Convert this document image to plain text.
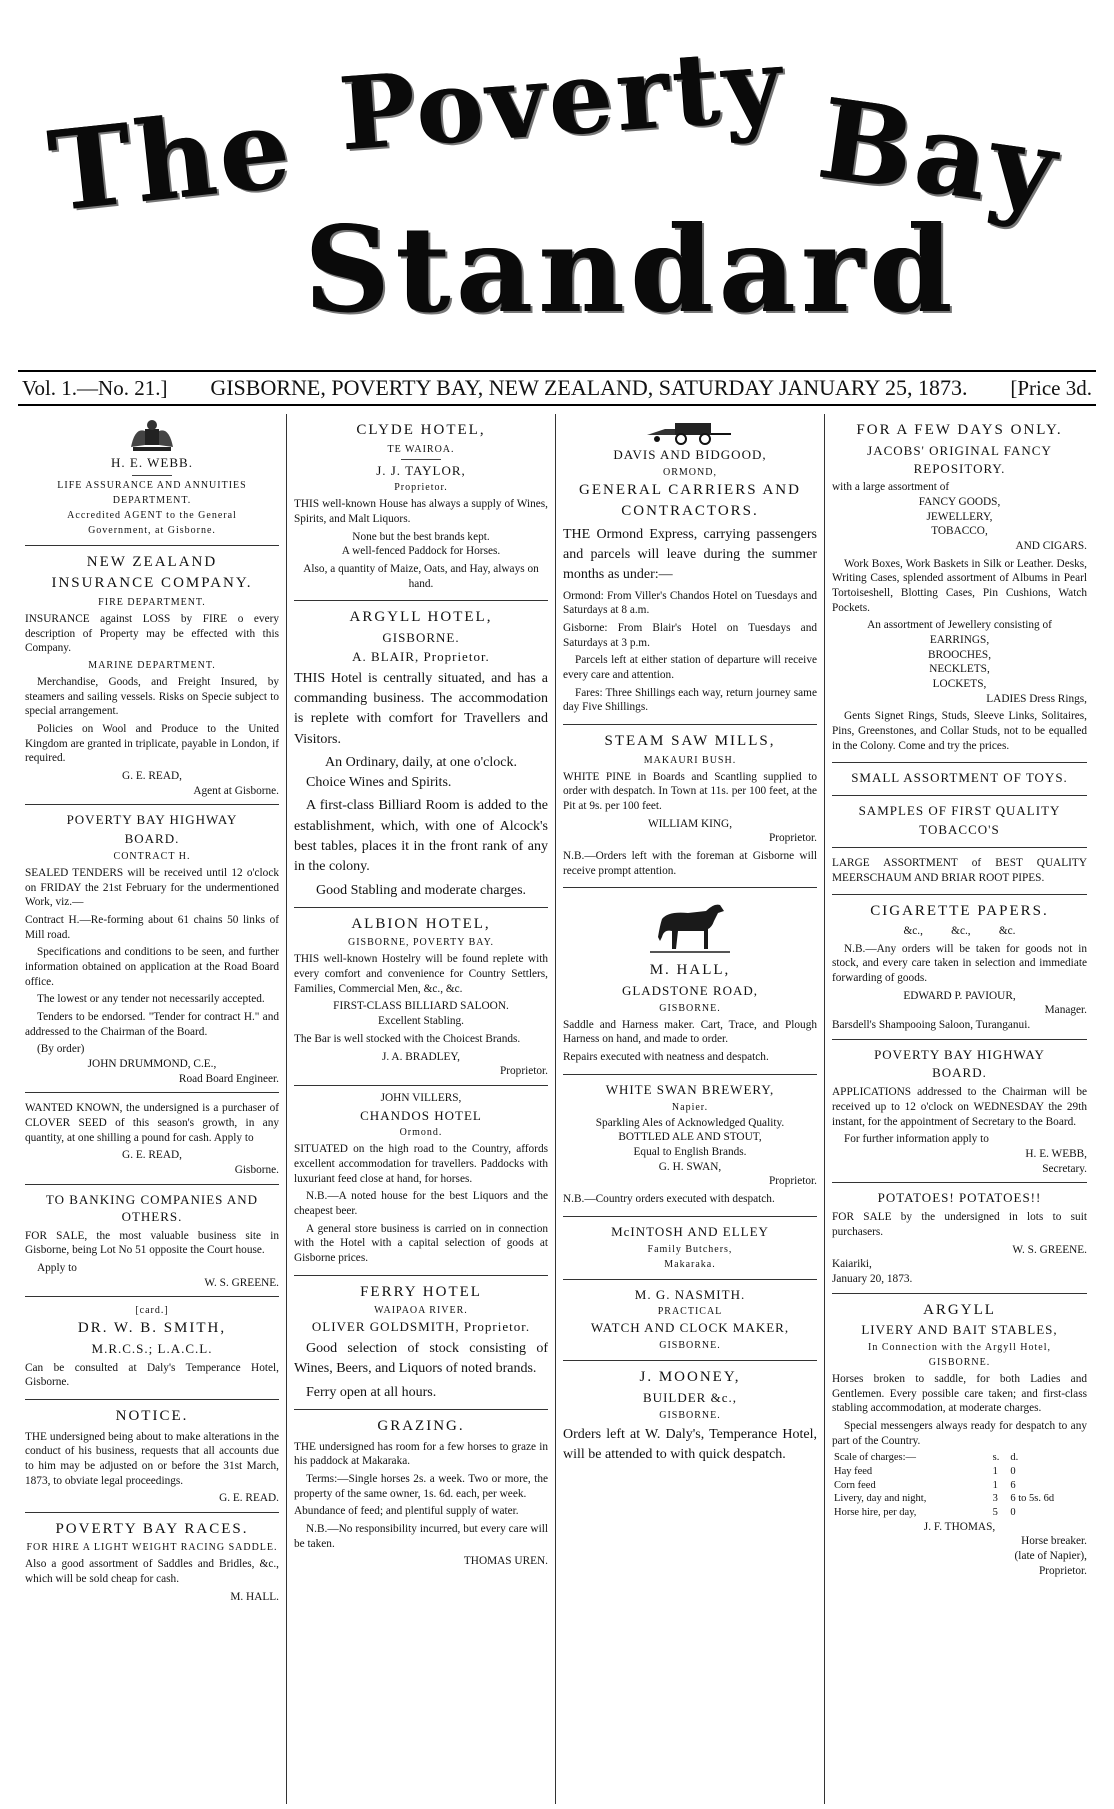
The Poverty Bay
Standard
Vol. 1.—No. 21.] GISBORNE, POVERTY BAY, NEW ZEALAND, SATURDAY JANUARY 25, 1873. [Price 3d.
H. E. WEBB.
LIFE ASSURANCE AND ANNUITIES
DEPARTMENT.
Accredited AGENT to the General
Government, at Gisborne.
NEW ZEALAND
INSURANCE COMPANY.
FIRE DEPARTMENT.

INSURANCE against LOSS by FIRE o every description of Property may be effected with this Company.

MARINE DEPARTMENT.

Merchandise, Goods, and Freight Insured, by steamers and sailing vessels. Risks on Specie subject to special arrangement.

Policies on Wool and Produce to the United Kingdom are granted in triplicate, payable in London, if required.

G. E. READ,
Agent at Gisborne.
POVERTY BAY HIGHWAY
BOARD.
CONTRACT H.

SEALED TENDERS will be received until 12 o'clock on FRIDAY the 21st February for the undermentioned Work, viz.—

Contract H.—Re-forming about 61 chains 50 links of Mill road.

Specifications and conditions to be seen, and further information obtained on application at the Road Board office.

The lowest or any tender not necessarily accepted.

Tenders to be endorsed. "Tender for contract H." and addressed to the Chairman of the Board.

(By order)
JOHN DRUMMOND, C.E.,
Road Board Engineer.

WANTED KNOWN, the undersigned is a purchaser of CLOVER SEED of this season's growth, in any quantity, at one shilling a pound for cash. Apply to

G. E. READ,
Gisborne.
TO BANKING COMPANIES AND OTHERS.

FOR SALE, the most valuable business site in Gisborne, being Lot No 51 opposite the Court house.

Apply to
W. S. GREENE.
[card.]
DR. W. B. SMITH,
M.R.C.S.; L.A.C.L.

Can be consulted at Daly's Temperance Hotel, Gisborne.

NOTICE.

THE undersigned being about to make alterations in the conduct of his business, requests that all accounts due to him may be adjusted on or before the 31st March, 1873, to obviate legal proceedings.

G. E. READ.
POVERTY BAY RACES.
FOR HIRE A LIGHT WEIGHT RACING SADDLE.

Also a good assortment of Saddles and Bridles, &c., which will be sold cheap for cash.

M. HALL.
CLYDE HOTEL,
TE WAIROA.
J. J. TAYLOR,
Proprietor.

THIS well-known House has always a supply of Wines, Spirits, and Malt Liquors.

None but the best brands kept.
A well-fenced Paddock for Horses.

Also, a quantity of Maize, Oats, and Hay, always on hand.

ARGYLL HOTEL,
GISBORNE.
A. BLAIR, Proprietor.

THIS Hotel is centrally situated, and has a commanding business. The accommodation is replete with comfort for Travellers and Visitors.

An Ordinary, daily, at one o'clock.
Choice Wines and Spirits.

A first-class Billiard Room is added to the establishment, which, with one of Alcock's best tables, places it in the front rank of any in the colony.

Good Stabling and moderate charges.
ALBION HOTEL,
GISBORNE, POVERTY BAY.

THIS well-known Hostelry will be found replete with every comfort and convenience for Country Settlers, Families, Commercial Men, &c., &c.

FIRST-CLASS BILLIARD SALOON.
Excellent Stabling.

The Bar is well stocked with the Choicest Brands.

J. A. BRADLEY,
Proprietor.
JOHN VILLERS,
CHANDOS HOTEL
Ormond.

SITUATED on the high road to the Country, affords excellent accommodation for travellers. Paddocks with luxuriant feed close at hand, for horses.

N.B.—A noted house for the best Liquors and the cheapest beer.

A general store business is carried on in connection with the Hotel with a capital selection of goods at Gisborne prices.

FERRY HOTEL
WAIPAOA RIVER.
OLIVER GOLDSMITH, Proprietor.

Good selection of stock consisting of Wines, Beers, and Liquors of noted brands.

Ferry open at all hours.
GRAZING.

THE undersigned has room for a few horses to graze in his paddock at Makaraka.

Terms:—Single horses 2s. a week. Two or more, the property of the same owner, 1s. 6d. each, per week.

Abundance of feed; and plentiful supply of water.

N.B.—No responsibility incurred, but every care will be taken.

THOMAS UREN.
DAVIS AND BIDGOOD,
ORMOND,
GENERAL CARRIERS AND
CONTRACTORS.

THE Ormond Express, carrying passengers and parcels will leave during the summer months as under:—

Ormond: From Viller's Chandos Hotel on Tuesdays and Saturdays at 8 a.m.

Gisborne: From Blair's Hotel on Tuesdays and Saturdays at 3 p.m.

Parcels left at either station of departure will receive every care and attention.

Fares: Three Shillings each way, return journey same day Five Shillings.

STEAM SAW MILLS,
MAKAURI BUSH.

WHITE PINE in Boards and Scantling supplied to order with despatch. In Town at 11s. per 100 feet, at the Pit at 9s. per 100 feet.

WILLIAM KING,
Proprietor.

N.B.—Orders left with the foreman at Gisborne will receive prompt attention.

M. HALL,
GLADSTONE ROAD,
GISBORNE.

Saddle and Harness maker. Cart, Trace, and Plough Harness on hand, and made to order.

Repairs executed with neatness and despatch.

WHITE SWAN BREWERY,
Napier.
Sparkling Ales of Acknowledged Quality.
BOTTLED ALE AND STOUT,
Equal to English Brands.
G. H. SWAN,
Proprietor.

N.B.—Country orders executed with despatch.

McINTOSH AND ELLEY
Family Butchers,
Makaraka.
M. G. NASMITH.
PRACTICAL
WATCH AND CLOCK MAKER,
GISBORNE.
J. MOONEY,
BUILDER &c.,
GISBORNE.

Orders left at W. Daly's, Temperance Hotel, will be attended to with quick despatch.

FOR A FEW DAYS ONLY.
JACOBS' ORIGINAL FANCY
REPOSITORY.
with a large assortment of
FANCY GOODS,
JEWELLERY,
TOBACCO,
AND CIGARS.

Work Boxes, Work Baskets in Silk or Leather. Desks, Writing Cases, splended assortment of Albums in Pearl Tortoiseshell, Blotting Cases, Pin Cushions, Watch Pockets.

An assortment of Jewellery consisting of
EARRINGS,
BROOCHES,
NECKLETS,
LOCKETS,
LADIES Dress Rings,

Gents Signet Rings, Studs, Sleeve Links, Solitaires, Pins, Greenstones, and Collar Studs, not to be equalled in the Colony. Come and try the prices.

SMALL ASSORTMENT OF TOYS.
SAMPLES OF FIRST QUALITY
TOBACCO'S

LARGE ASSORTMENT of BEST QUALITY MEERSCHAUM AND BRIAR ROOT PIPES.

CIGARETTE PAPERS.
&c.,          &c.,          &c.

N.B.—Any orders will be taken for goods not in stock, and every care taken in selection and immediate forwarding of goods.

EDWARD P. PAVIOUR,
Manager.
Barsdell's Shampooing Saloon, Turanganui.
POVERTY BAY HIGHWAY
BOARD.

APPLICATIONS addressed to the Chairman will be received up to 12 o'clock on WEDNESDAY the 29th instant, for the appointment of Secretary to the Board.

For further information apply to
H. E. WEBB,
Secretary.
POTATOES! POTATOES!!

FOR SALE by the undersigned in lots to suit purchasers.

W. S. GREENE.
Kaiariki,
January 20, 1873.
ARGYLL
LIVERY AND BAIT STABLES,
In Connection with the Argyll Hotel,
GISBORNE.

Horses broken to saddle, for both Ladies and Gentlemen. Every possible care taken; and first-class stabling accommodation, at moderate charges.

Special messengers always ready for despatch to any part of the Country.

Scale of charges:—	s.	d.
Hay feed	1	0
Corn feed	1	6
Livery, day and night,	3	6 to 5s. 6d
Horse hire, per day,	5	0
J. F. THOMAS,
Horse breaker.
(late of Napier),
Proprietor.
